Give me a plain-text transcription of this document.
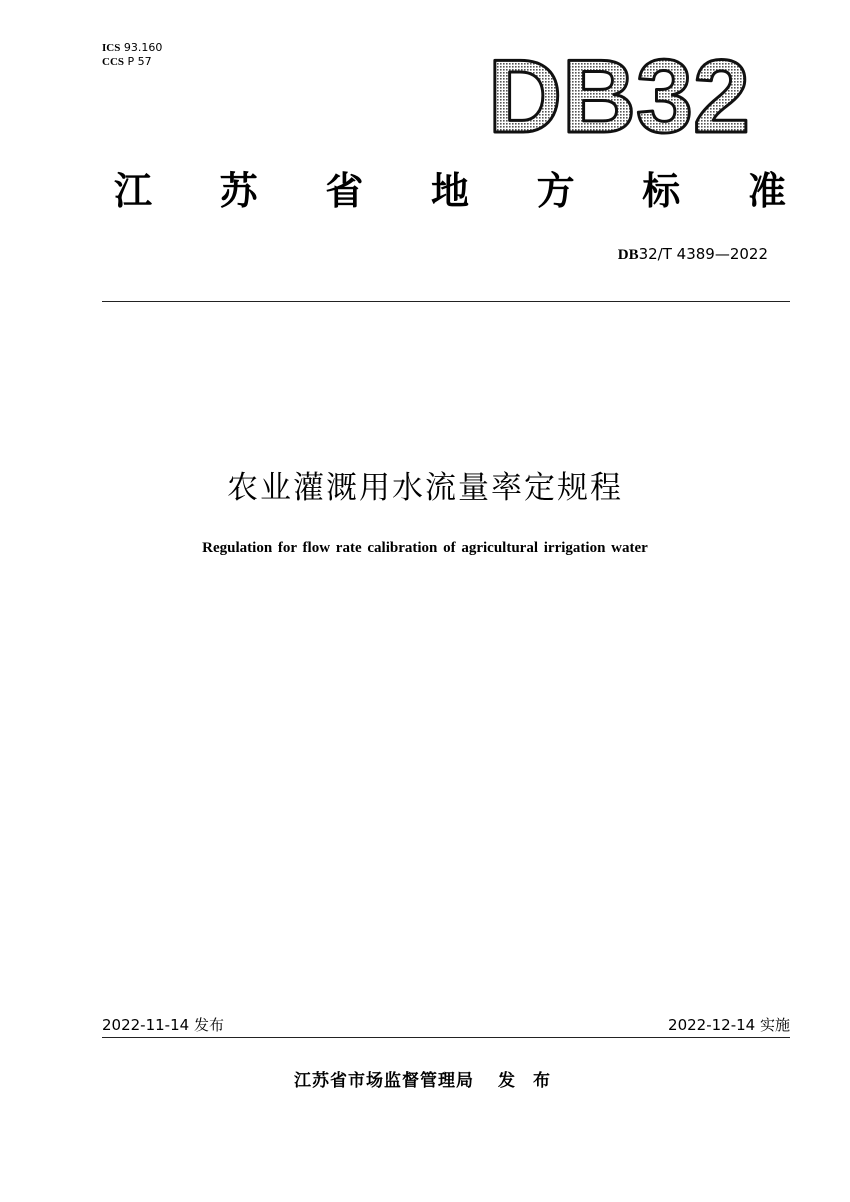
ICS 93.160
CCS P 57	DB32
江 苏 省 地 方 标 准
DB32/T 4389—2022
农业灌溉用水流量率定规程
Regulation for flow rate calibration of agricultural irrigation water
2022-11-14 发布	2022-12-14 实施
江苏省市场监督管理局 发 布
